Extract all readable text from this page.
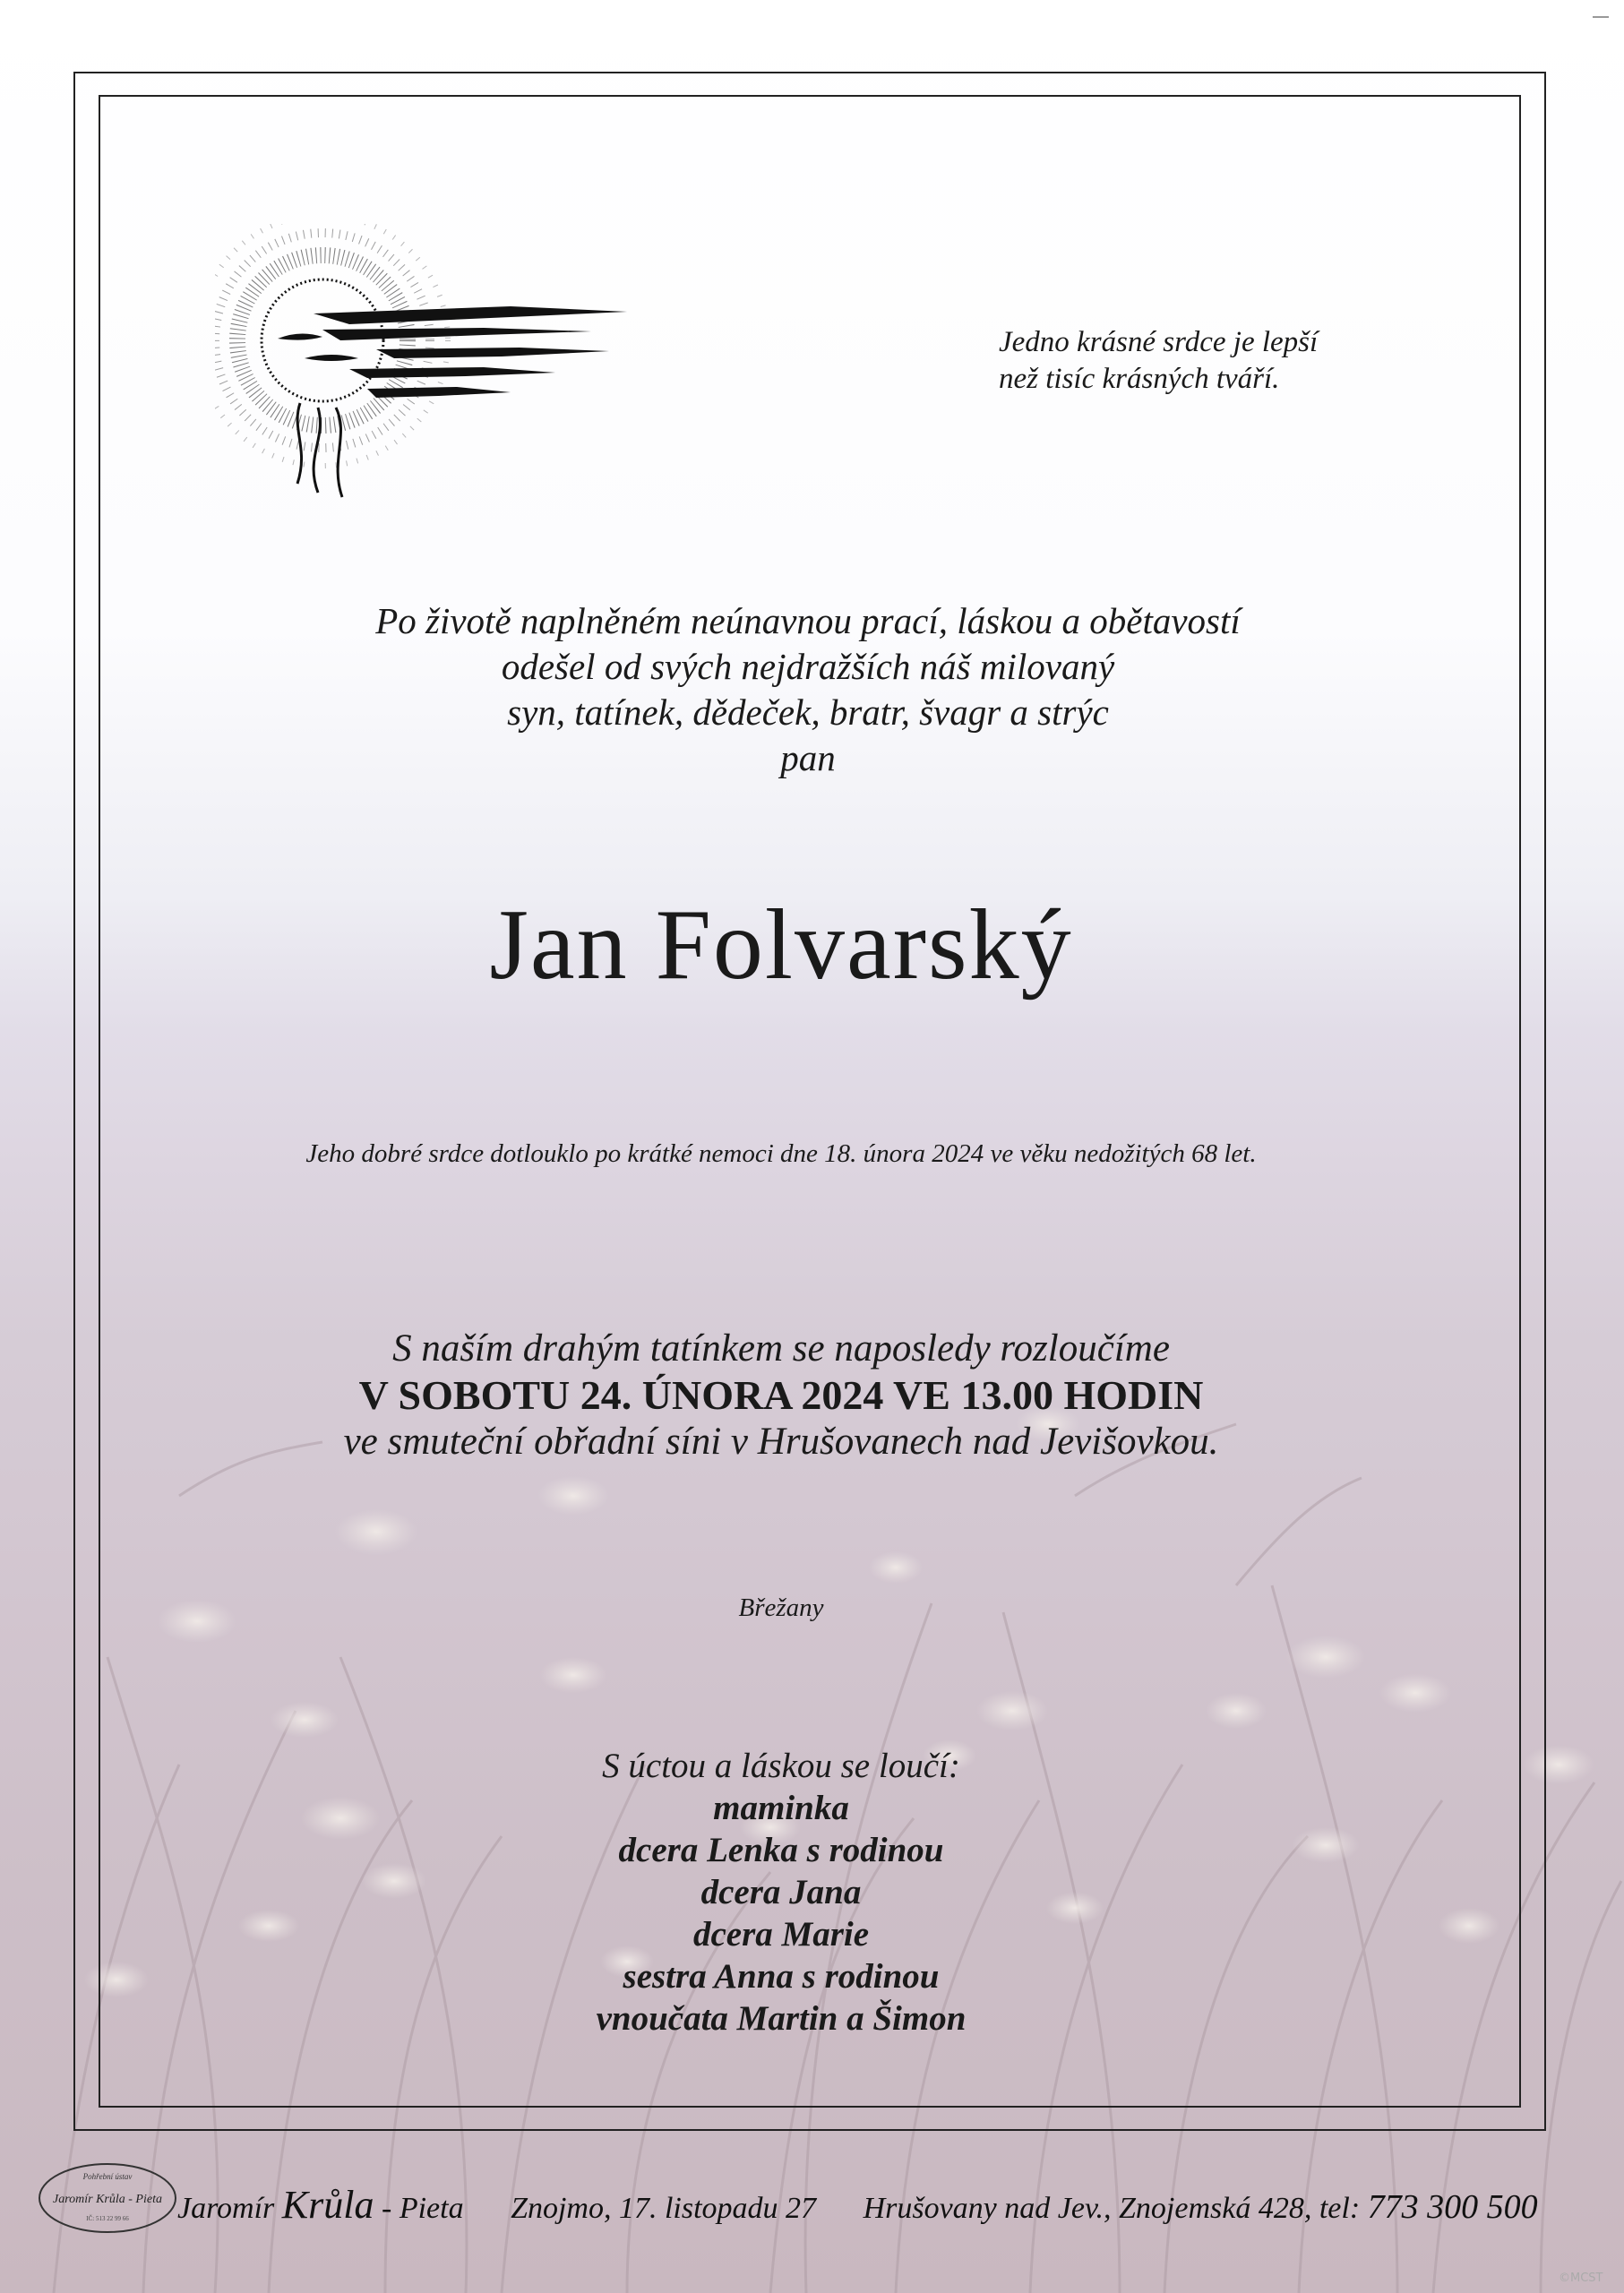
Jedno krásné srdce je lepší
než tisíc krásných tváří.
Po životě naplněném neúnavnou prací, láskou a obětavostí
odešel od svých nejdražších náš milovaný
syn, tatínek, dědeček, bratr, švagr a strýc
pan
Jan Folvarský
Jeho dobré srdce dotlouklo po krátké nemoci dne 18. února 2024 ve věku nedožitých 68 let.
S naším drahým tatínkem se naposledy rozloučíme
V SOBOTU 24. ÚNORA 2024 VE 13.00 HODIN
ve smuteční obřadní síni v Hrušovanech nad Jevišovkou.
Břežany
S úctou a láskou se loučí:
maminka
dcera Lenka s rodinou
dcera Jana
dcera Marie
sestra Anna s rodinou
vnoučata Martin a Šimon
Pohřební ústav
Jaromír Krůla - Pieta
IČ: 513 22 99 66 Jaromír Krůla - Pieta Znojmo, 17. listopadu 27 Hrušovany nad Jev., Znojemská 428, tel: 773 300 500
©MCST
